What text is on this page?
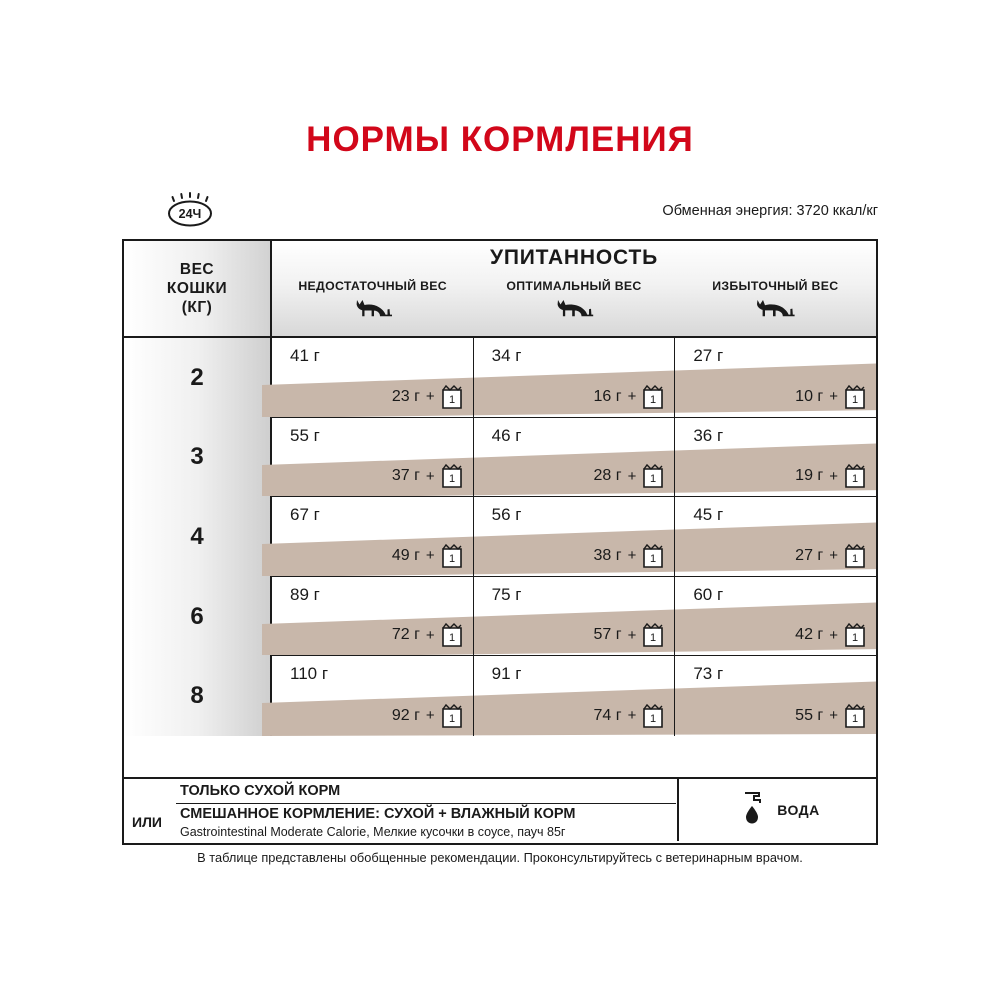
НОРМЫ КОРМЛЕНИЯ
Обменная энергия: 3720 ккал/кг
24Ч
ВЕС
КОШКИ
(КГ)
УПИТАННОСТЬ
НЕДОСТАТОЧНЫЙ ВЕС	ОПТИМАЛЬНЫЙ ВЕС	ИЗБЫТОЧНЫЙ ВЕС
2
3
4
6
8
41 г
23 г + 1
34 г
16 г + 1
27 г
10 г + 1
55 г
37 г + 1
46 г
28 г + 1
36 г
19 г + 1
67 г
49 г + 1
56 г
38 г + 1
45 г
27 г + 1
89 г
72 г + 1
75 г
57 г + 1
60 г
42 г + 1
110 г
92 г + 1
91 г
74 г + 1
73 г
55 г + 1
ИЛИ
ТОЛЬКО СУХОЙ КОРМ
СМЕШАННОЕ КОРМЛЕНИЕ: СУХОЙ + ВЛАЖНЫЙ КОРМ
Gastrointestinal Moderate Calorie, Мелкие кусочки в соусе, пауч 85г
ВОДА
В таблице представлены обобщенные рекомендации. Проконсультируйтесь с ветеринарным врачом.
